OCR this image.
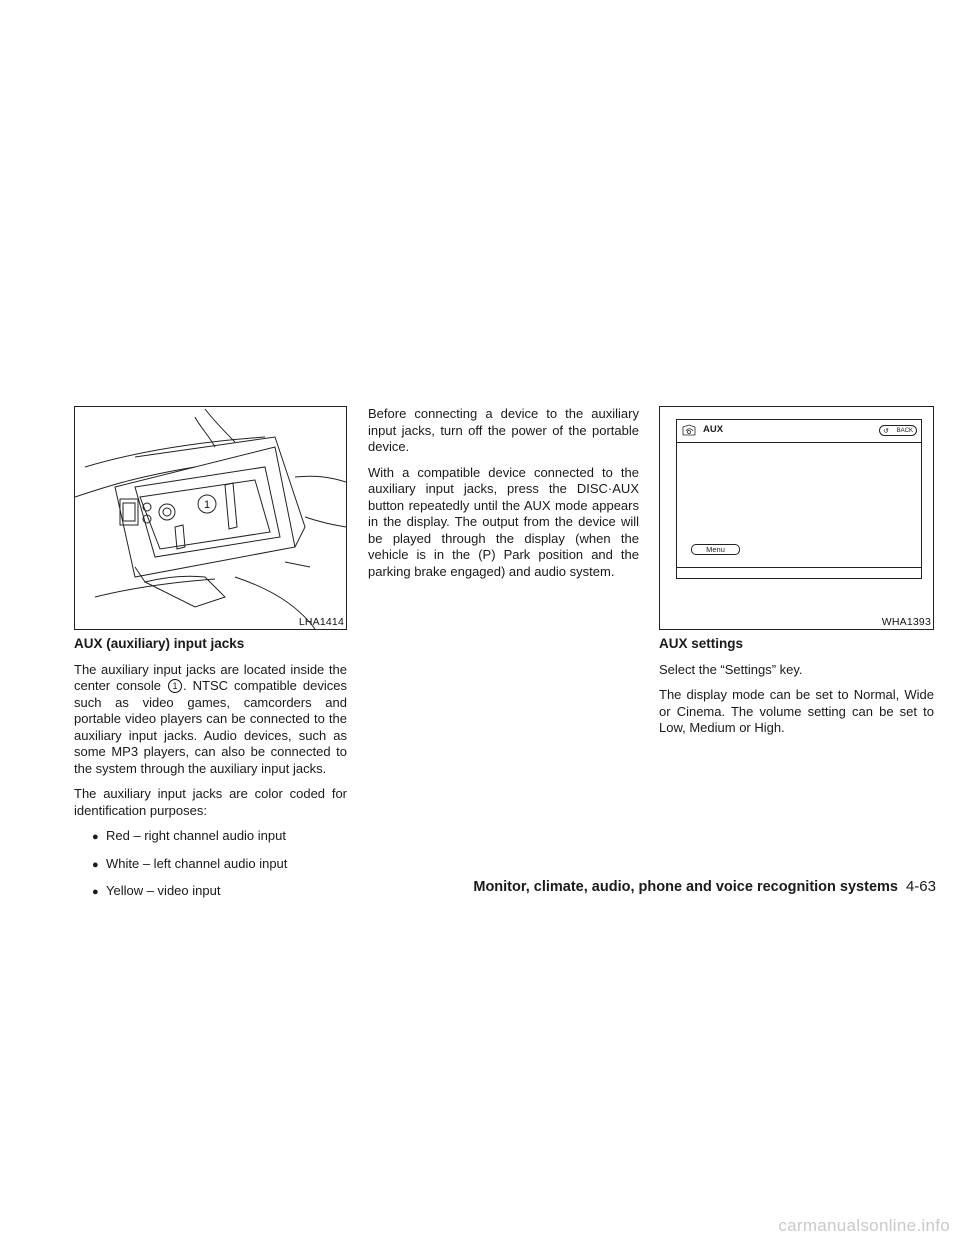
1
LHA1414
AUX	↺ BACK
Menu
WHA1393
AUX (auxiliary) input jacks

The auxiliary input jacks are located inside the center console 1 . NTSC compatible devices such as video games, camcorders and portable video players can be connected to the auxiliary input jacks. Audio devices, such as some MP3 players, can also be connected to the system through the auxiliary input jacks.

The auxiliary input jacks are color coded for identification purposes:

● Red – right channel audio input
● White – left channel audio input
● Yellow – video input

Before connecting a device to the auxiliary input jacks, turn off the power of the portable device.

With a compatible device connected to the auxiliary input jacks, press the DISC·AUX button repeatedly until the AUX mode appears in the display. The output from the device will be played through the display (when the vehicle is in the (P) Park position and the parking brake engaged) and audio system.

AUX settings

Select the “Settings” key.

The display mode can be set to Normal, Wide or Cinema. The volume setting can be set to Low, Medium or High.

Monitor, climate, audio, phone and voice recognition systems 4-63
carmanualsonline.info
